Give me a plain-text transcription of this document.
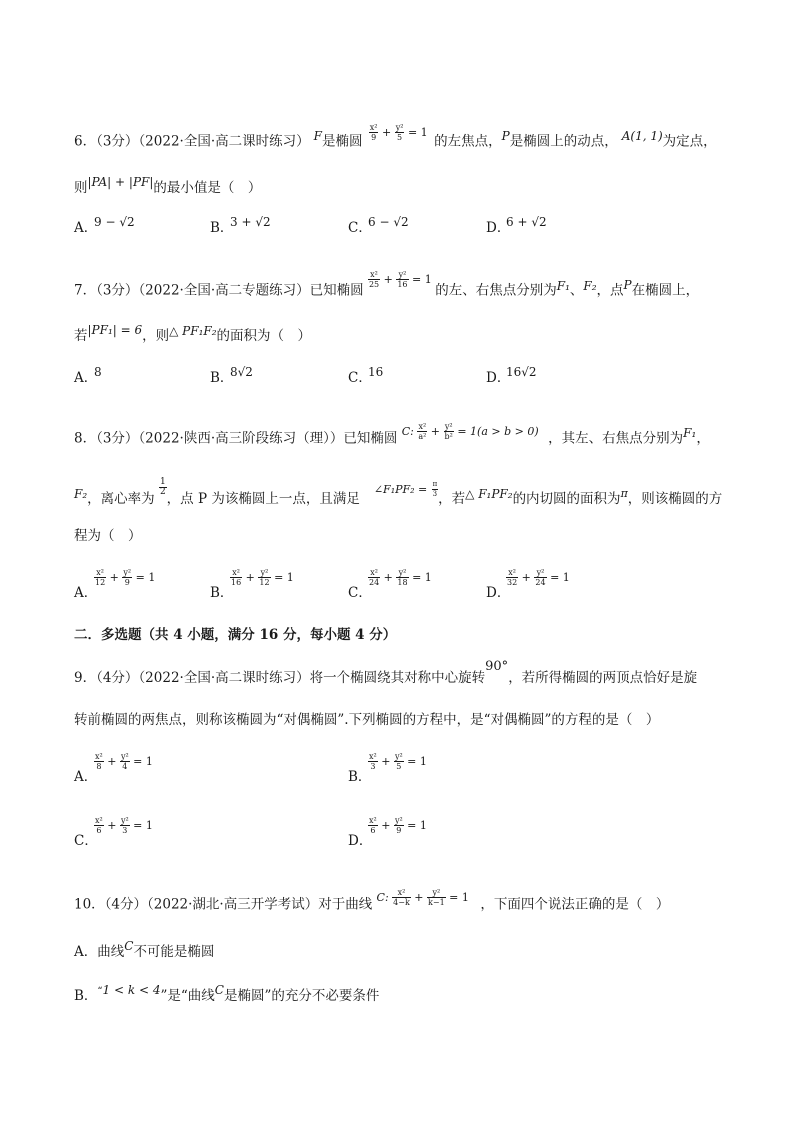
6．（3分）（2022·全国·高二课时练习） F是椭圆 $^{\frac{\text{x²}}{9} + \frac{\text{y²}}{5} = 1}$ 的左焦点，P是椭圆上的动点， A(1, 1)为定点，
则|PA| + |PF|的最小值是（　）
A．9 − √2	B．3 + √2	C．6 − √2	D．6 + √2
7．（3分）（2022·全国·高二专题练习）已知椭圆
$^{\frac{\text{x²}}{25} + \frac{\text{y²}}{16} = 1}$ 的左、右焦点分别为F₁、F₂，点P在椭圆上，
若|PF₁| = 6，则△ PF₁F₂的面积为（　）
A．8	B．8√2	C．16	D．16√2
8．（3分）（2022·陕西·高三阶段练习（理））已知椭圆 $^{C: \frac{\text{x²}}{\text{a²}} + \frac{\text{y²}}{\text{b²}} = 1(a > b > 0)}$ ，其左、右焦点分别为F₁，
F₂，离心率为
$\frac{1}{2}$
，点 P 为该椭圆上一点，且满足$^{\angle F_1PF_2 =} \frac{\pi}{3}$ ，若△ F₁PF₂的内切圆的面积为$^\pi$，则该椭圆的方
程为（　）
A．
$\frac{\text{x²}}{12} ^+ \frac{\text{y²}}{9} ^{= 1}$
B．
$\frac{\text{x²}}{16} ^+ \frac{\text{y²}}{12} ^{= 1}$
C．
$\frac{\text{x²}}{24} ^+ \frac{\text{y²}}{18} ^{= 1}$
D．
$\frac{\text{x²}}{32} ^+ \frac{\text{y²}}{24} ^{= 1}$
二．多选题（共 4 小题，满分 16 分，每小题 4 分）
9．（4分）（2022·全国·高二课时练习）将一个椭圆绕其对称中心旋转90°，若所得椭圆的两顶点恰好是旋
转前椭圆的两焦点，则称该椭圆为“对偶椭圆”.下列椭圆的方程中，是“对偶椭圆”的方程的是（　）
A．
$\frac{\text{x²}}{8} ^+ \frac{\text{y²}}{4} ^{= 1}$
B．
$\frac{\text{x²}}{3} ^+ \frac{\text{y²}}{5} ^{= 1}$
C．
$\frac{\text{x²}}{6} ^+ \frac{\text{y²}}{3} ^{= 1}$
D．
$\frac{\text{x²}}{6} ^+ \frac{\text{y²}}{9} ^{= 1}$
10．（4分）（2022·湖北·高三开学考试）对于曲线 $^{C: \frac{\text{x²}}{4-k} + \frac{\text{y²}}{k-1} = 1}$ ，下面四个说法正确的是（　）
A．曲线C不可能是椭圆
B．“1 < k < 4”是“曲线C是椭圆”的充分不必要条件
